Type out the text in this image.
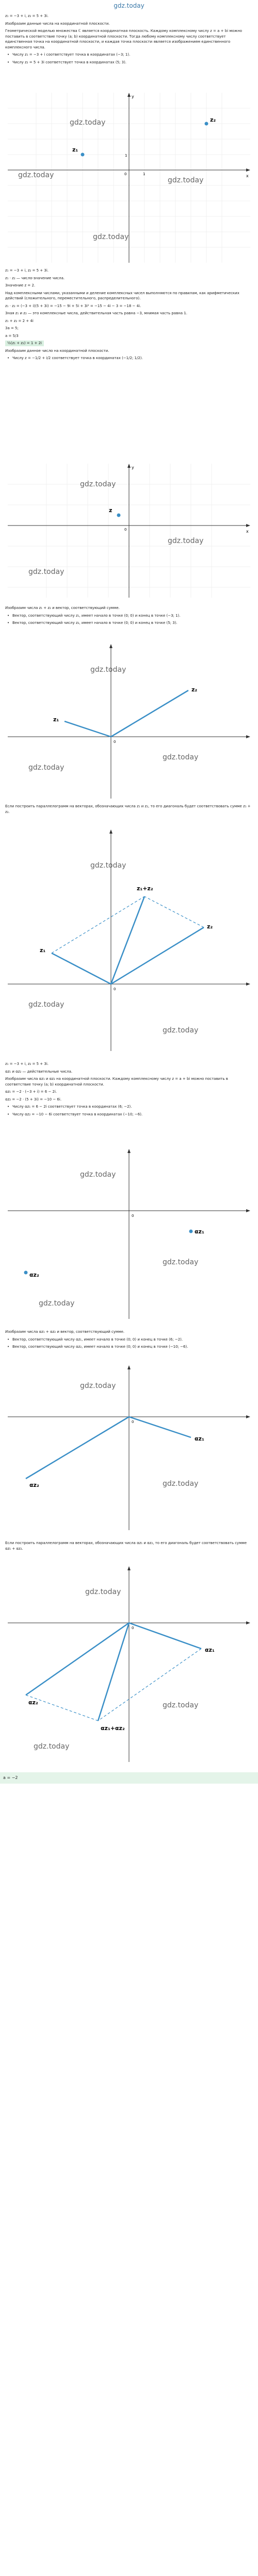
gdz.today
z₁ = −3 + i, z₂ = 5 + 3i.
Изобразим данные числа на координатной плоскости.
Геометрической моделью множества ℂ является координатная плоскость. Каждому комплексному числу z = a + bi можно поставить в соответствие точку (a; b) координатной плоскости. Тогда любому комплексному числу соответствует единственная точка на координатной плоскости, и каждая точка плоскости является изображением единственного комплексного числа.
• Числу z₁ = −3 + i соответствует точка в координатах (−3; 1).
• Числу z₂ = 5 + 3i соответствует точка в координатах (5; 3).
x
y
0	1
1
z₁
z₂
gdz.today
gdz.today
gdz.today
gdz.today
z₁ = −3 + i, z₂ = 5 + 3i.
z₁ · z₂ — число-значение числа.
Значение z = 2.
Над комплексными числами, указанными и деление комплексных чисел выполняются по правилам, как арифметических действий (сложительного, переместительного, распределительного).
z₁ · z₂ = (−3 + i)(5 + 3i) = −15 − 9i + 5i + 3i² = −15 − 4i − 3 = −18 − 4i.
Зная z₁ и z₂ — это комплексные числа, действительная часть равна −3, мнимая часть равна 1.
z₁ + z₂ = 2 + 4i
3a = 5;
a = 5/3
½(z₁ + z₂) = 1 + 2i
Изобразим данное число на координатной плоскости.
• Числу z = −1/2 + i/2 соответствует точка в координатах (−1/2; 1/2).
x
y
0
z
gdz.today
gdz.today
gdz.today
Изобразим числа z₁ + z₂ и вектор, соответствующий сумме.
• Вектор, соответствующий числу z₁, имеет начало в точке (0; 0) и конец в точке (−3; 1).
• Вектор, соответствующий числу z₂, имеет начало в точке (0; 0) и конец в точке (5; 3).
z₂
z₁
0
gdz.today
gdz.today
gdz.today
Если построить параллелограмм на векторах, обозначающих числа z₁ и z₂, то его диагональ будет соответствовать сумме z₁ + z₂.
z₁+z₂
z₁
z₂
0
gdz.today
gdz.today
gdz.today
z₁ = −3 + i, z₂ = 5 + 3i.
αz₁ и αz₂ — действительные числа.
Изобразим числа αz₁ и αz₂ на координатной плоскости. Каждому комплексному числу z = a + bi можно поставить в соответствие точку (a; b) координатной плоскости.
αz₁ = −2 · (−3 + i) = 6 − 2i.
αz₂ = −2 · (5 + 3i) = −10 − 6i.
• Числу αz₁ = 6 − 2i соответствует точка в координатах (6; −2).
• Числу αz₂ = −10 − 6i соответствует точка в координатах (−10; −6).
αz₁
αz₂
0
gdz.today
gdz.today
gdz.today
Изобразим числа αz₁ + αz₂ и вектор, соответствующий сумме.
• Вектор, соответствующий числу αz₁, имеет начало в точке (0; 0) и конец в точке (6; −2).
• Вектор, соответствующий числу αz₂, имеет начало в точке (0; 0) и конец в точке (−10; −6).
αz₁
αz₂
0
gdz.today
gdz.today
Если построить параллелограмм на векторах, обозначающих числа αz₁ и αz₂, то его диагональ будет соответствовать сумме αz₁ + αz₂.
αz₁+αz₂
αz₁
αz₂
0
gdz.today
gdz.today
gdz.today
a = −2
